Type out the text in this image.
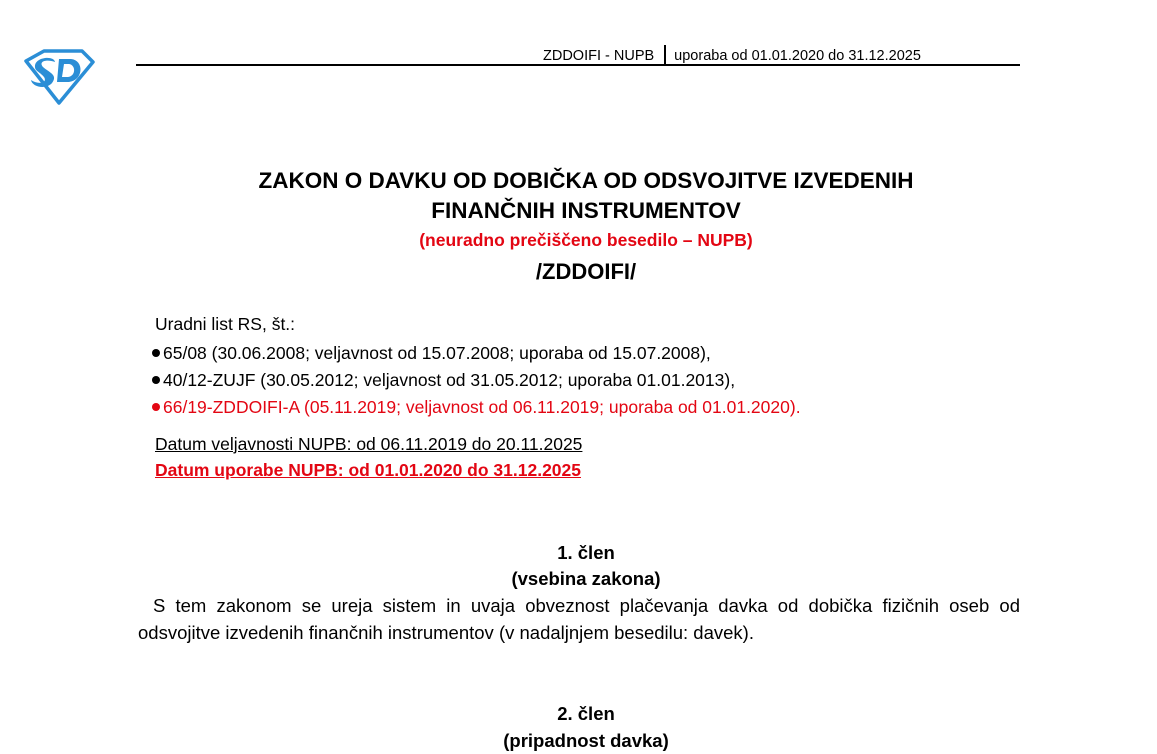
ZDDOIFI - NUPB uporaba od 01.01.2020 do 31.12.2025
ZAKON O DAVKU OD DOBIČKA OD ODSVOJITVE IZVEDENIH
FINANČNIH INSTRUMENTOV
(neuradno prečiščeno besedilo – NUPB)
/ZDDOIFI/
Uradni list RS, št.:
65/08 (30.06.2008; veljavnost od 15.07.2008; uporaba od 15.07.2008),
40/12-ZUJF (30.05.2012; veljavnost od 31.05.2012; uporaba 01.01.2013),
66/19-ZDDOIFI-A (05.11.2019; veljavnost od 06.11.2019; uporaba od 01.01.2020).
Datum veljavnosti NUPB: od 06.11.2019 do 20.11.2025
Datum uporabe NUPB: od 01.01.2020 do 31.12.2025
1. člen
(vsebina zakona)
S tem zakonom se ureja sistem in uvaja obveznost plačevanja davka od dobička fizičnih oseb od odsvojitve izvedenih finančnih instrumentov (v nadaljnjem besedilu: davek).
2. člen
(pripadnost davka)
